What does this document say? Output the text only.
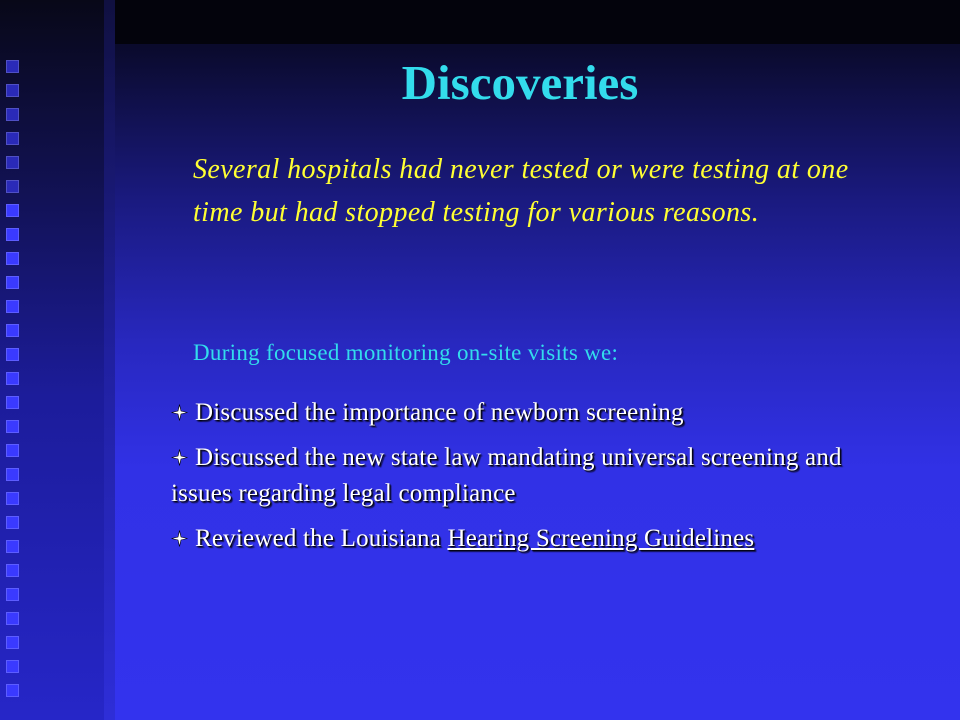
Discoveries

Several hospitals had never tested or were testing at one time but had stopped testing for various reasons.

During focused monitoring on-site visits we:

Discussed the importance of newborn screening
Discussed the new state law mandating universal screening and issues regarding legal compliance
Reviewed the Louisiana Hearing Screening Guidelines
